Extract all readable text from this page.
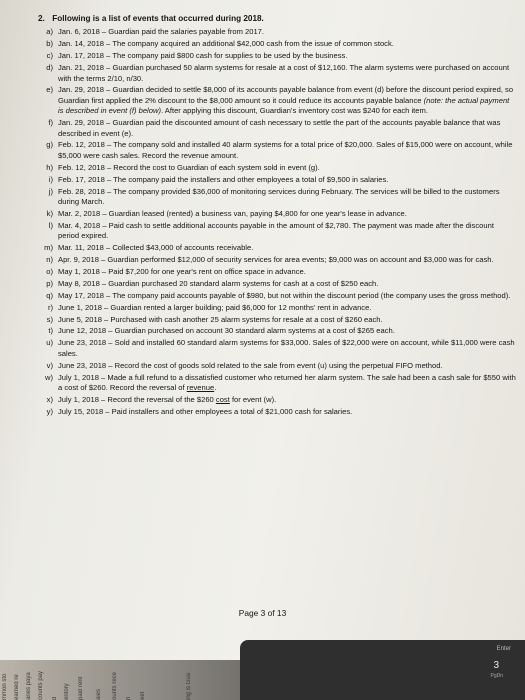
2. Following is a list of events that occurred during 2018.
a) Jan. 6, 2018 – Guardian paid the salaries payable from 2017.
b) Jan. 14, 2018 – The company acquired an additional $42,000 cash from the issue of common stock.
c) Jan. 17, 2018 – The company paid $800 cash for supplies to be used by the business.
d) Jan. 21, 2018 – Guardian purchased 50 alarm systems for resale at a cost of $12,160. The alarm systems were purchased on account with the terms 2/10, n/30.
e) Jan. 29, 2018 – Guardian decided to settle $8,000 of its accounts payable balance from event (d) before the discount period expired, so Guardian first applied the 2% discount to the $8,000 amount so it could reduce its accounts payable balance (note: the actual payment is described in event (f) below). After applying this discount, Guardian's inventory cost was $240 for each item.
f) Jan. 29, 2018 – Guardian paid the discounted amount of cash necessary to settle the part of the accounts payable balance that was described in event (e).
g) Feb. 12, 2018 – The company sold and installed 40 alarm systems for a total price of $20,000. Sales of $15,000 were on account, while $5,000 were cash sales. Record the revenue amount.
h) Feb. 12, 2018 – Record the cost to Guardian of each system sold in event (g).
i) Feb. 17, 2018 – The company paid the installers and other employees a total of $9,500 in salaries.
j) Feb. 28, 2018 – The company provided $36,000 of monitoring services during February. The services will be billed to the customers during March.
k) Mar. 2, 2018 – Guardian leased (rented) a business van, paying $4,800 for one year's lease in advance.
l) Mar. 4, 2018 – Paid cash to settle additional accounts payable in the amount of $2,780. The payment was made after the discount period expired.
m) Mar. 11, 2018 – Collected $43,000 of accounts receivable.
n) Apr. 9, 2018 – Guardian performed $12,000 of security services for area events; $9,000 was on account and $3,000 was for cash.
o) May 1, 2018 – Paid $7,200 for one year's rent on office space in advance.
p) May 8, 2018 – Guardian purchased 20 standard alarm systems for cash at a cost of $250 each.
q) May 17, 2018 – The company paid accounts payable of $980, but not within the discount period (the company uses the gross method).
r) June 1, 2018 – Guardian rented a larger building; paid $6,000 for 12 months' rent in advance.
s) June 5, 2018 – Purchased with cash another 25 alarm systems for resale at a cost of $260 each.
t) June 12, 2018 – Guardian purchased on account 30 standard alarm systems at a cost of $265 each.
u) June 23, 2018 – Sold and installed 60 standard alarm systems for $33,000. Sales of $22,000 were on account, while $11,000 were cash sales.
v) June 23, 2018 – Record the cost of goods sold related to the sale from event (u) using the perpetual FIFO method.
w) July 1, 2018 – Made a full refund to a dissatisfied customer who returned her alarm system. The sale had been a cash sale for $550 with a cost of $260. Record the reversal of revenue.
x) July 1, 2018 – Record the reversal of the $260 cost for event (w).
y) July 15, 2018 – Paid installers and other employees a total of $21,000 cash for salaries.
Page 3 of 13
mmon sto	earned re	aries paya	counts pay	d	entory	paid rent	aies	ounts rece	h	eet	ing is Gua
Enter
3
PgDn
